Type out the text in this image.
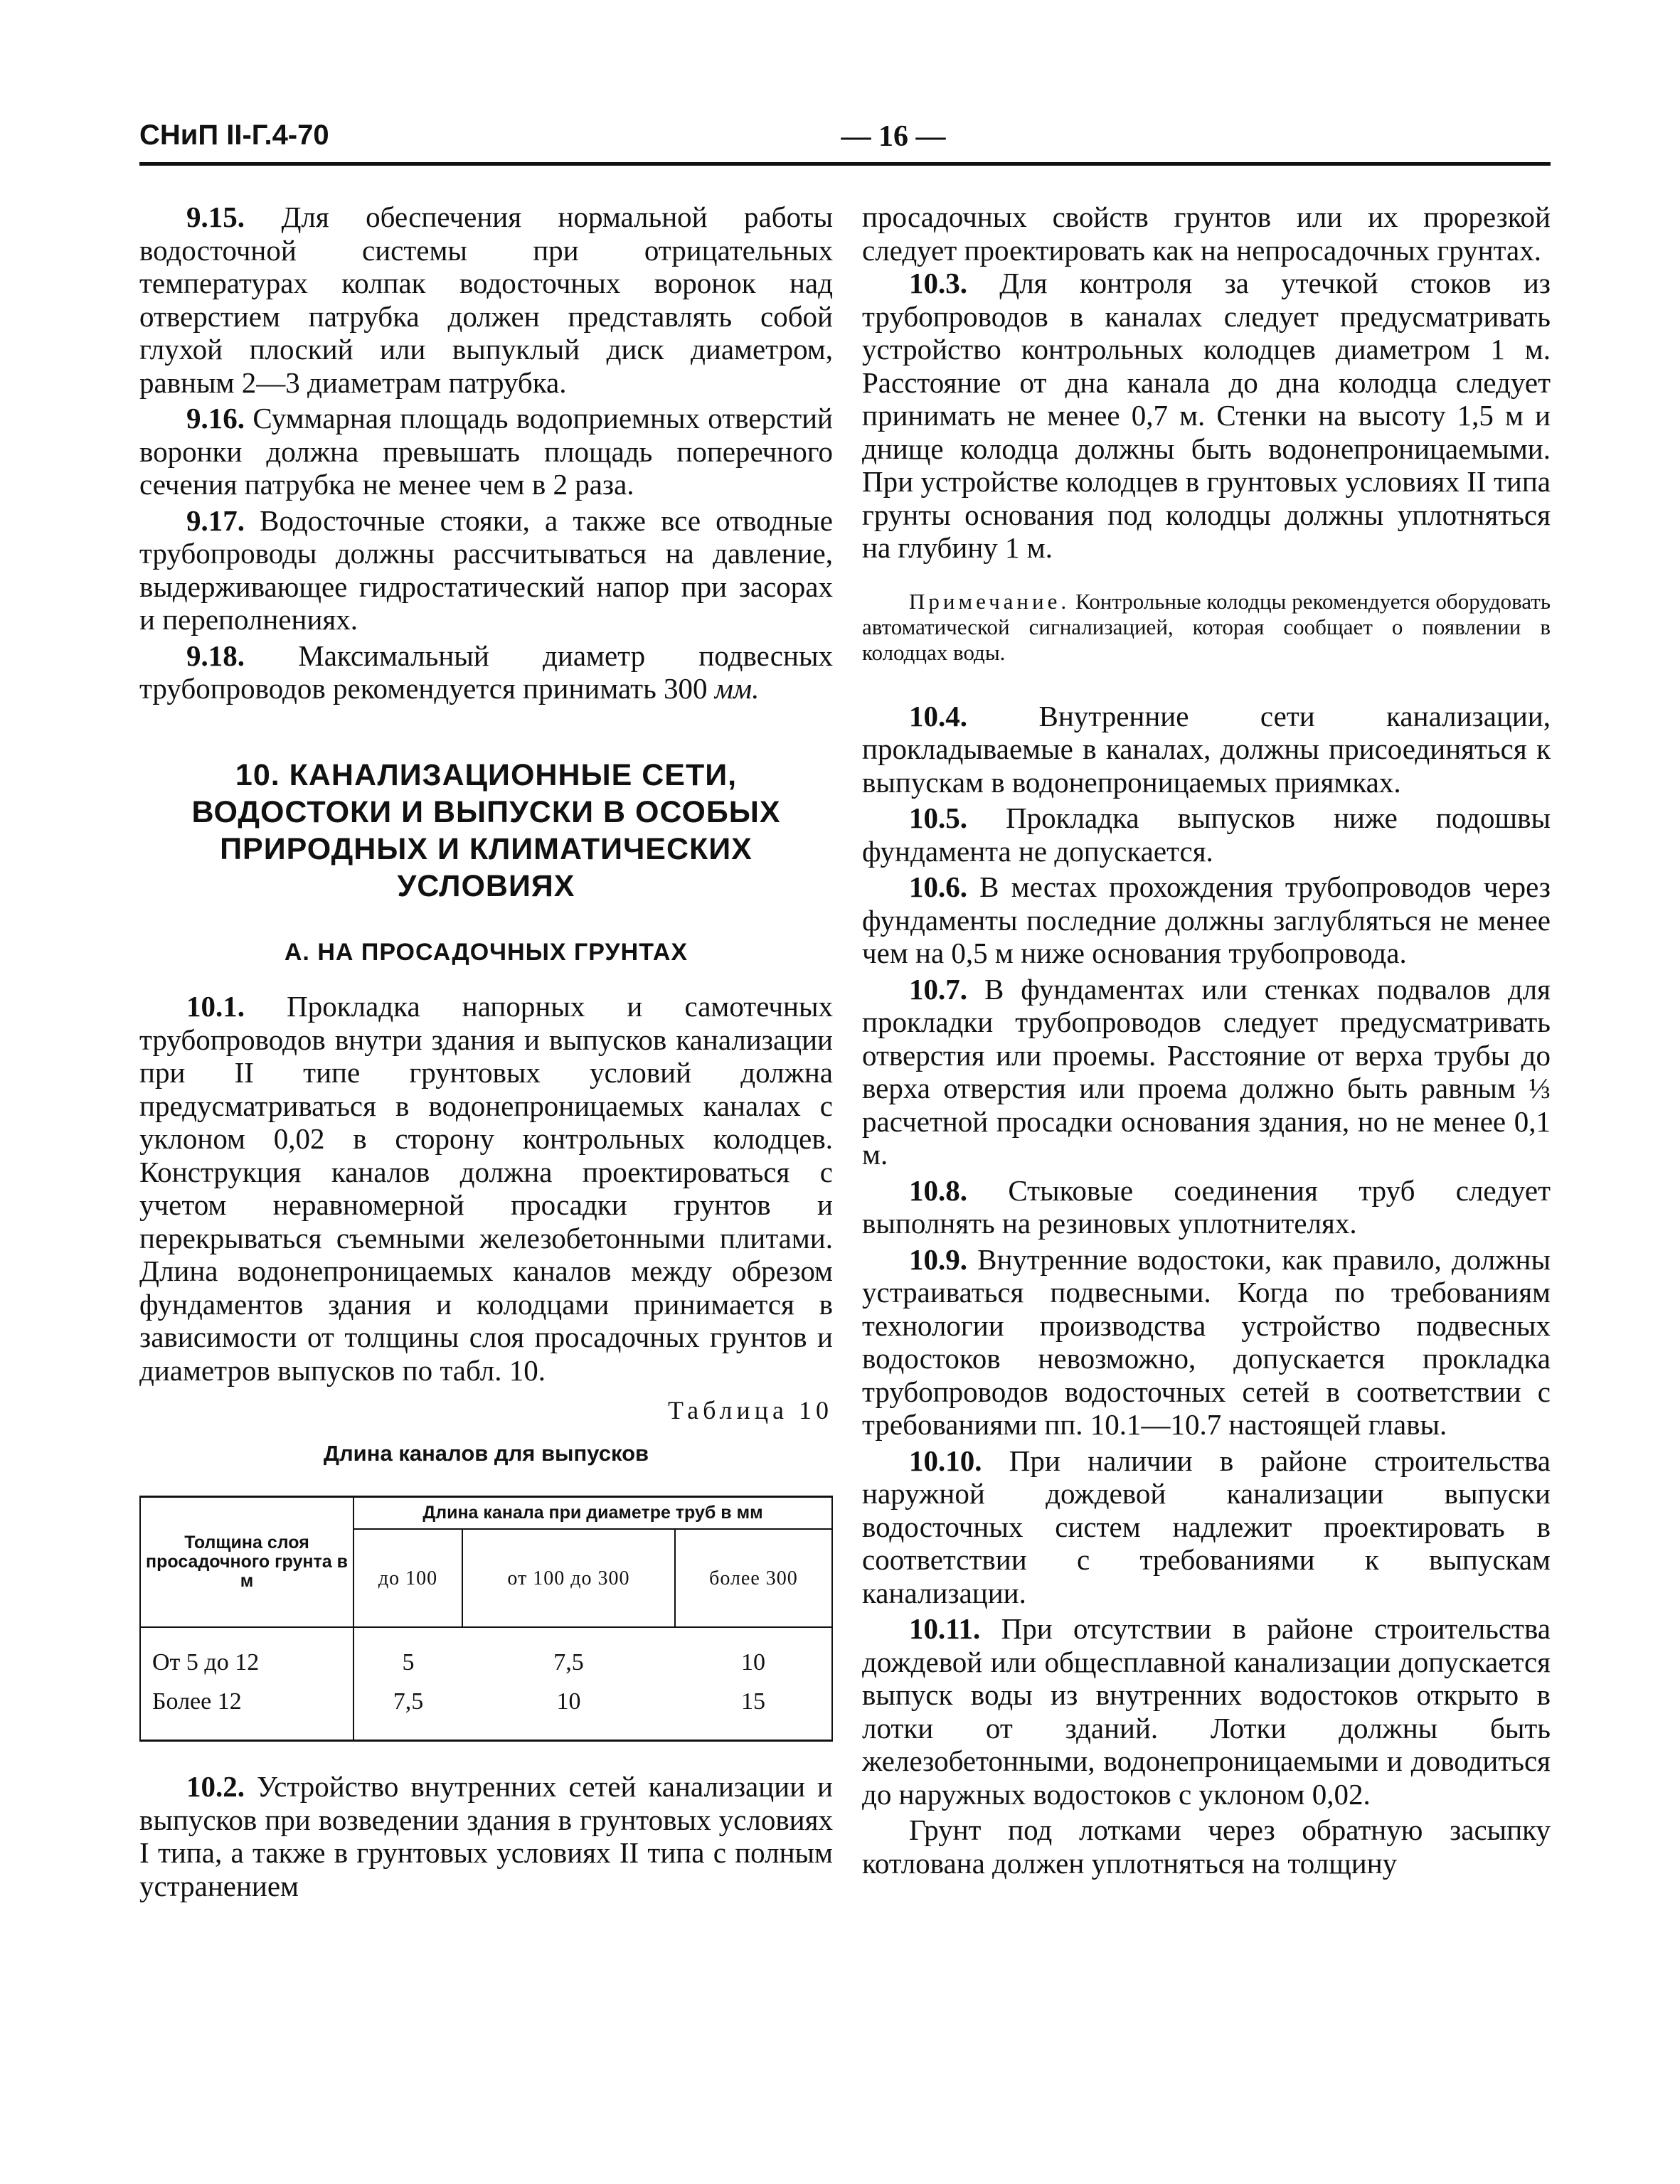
СНиП II-Г.4-70	— 16 —

9.15. Для обеспечения нормальной работы водосточной системы при отрицательных температурах колпак водосточных воронок над отверстием патрубка должен представлять собой глухой плоский или выпуклый диск диаметром, равным 2—3 диаметрам патрубка.

9.16. Суммарная площадь водоприемных отверстий воронки должна превышать площадь поперечного сечения патрубка не менее чем в 2 раза.

9.17. Водосточные стояки, а также все отводные трубопроводы должны рассчитываться на давление, выдерживающее гидростатический напор при засорах и переполнениях.

9.18. Максимальный диаметр подвесных трубопроводов рекомендуется принимать 300 мм.

10. КАНАЛИЗАЦИОННЫЕ СЕТИ, ВОДОСТОКИ И ВЫПУСКИ В ОСОБЫХ ПРИРОДНЫХ И КЛИМАТИЧЕСКИХ УСЛОВИЯХ
А. НА ПРОСАДОЧНЫХ ГРУНТАХ

10.1. Прокладка напорных и самотечных трубопроводов внутри здания и выпусков канализации при II типе грунтовых условий должна предусматриваться в водонепроницаемых каналах с уклоном 0,02 в сторону контрольных колодцев. Конструкция каналов должна проектироваться с учетом неравномерной просадки грунтов и перекрываться съемными железобетонными плитами. Длина водонепроницаемых каналов между обрезом фундаментов здания и колодцами принимается в зависимости от толщины слоя просадочных грунтов и диаметров выпусков по табл. 10.

Таблица 10
Длина каналов для выпусков
Толщина слоя просадочного грунта в м	Длина канала при диаметре труб в мм		
	до 100	от 100 до 300	более 300
От 5 до 12	5	7,5	10
Более 12	7,5	10	15

10.2. Устройство внутренних сетей канализации и выпусков при возведении здания в грунтовых условиях I типа, а также в грунтовых условиях II типа с полным устранением

просадочных свойств грунтов или их прорезкой следует проектировать как на непросадочных грунтах.

10.3. Для контроля за утечкой стоков из трубопроводов в каналах следует предусматривать устройство контрольных колодцев диаметром 1 м. Расстояние от дна канала до дна колодца следует принимать не менее 0,7 м. Стенки на высоту 1,5 м и днище колодца должны быть водонепроницаемыми. При устройстве колодцев в грунтовых условиях II типа грунты основания под колодцы должны уплотняться на глубину 1 м.

Примечание. Контрольные колодцы рекомендуется оборудовать автоматической сигнализацией, которая сообщает о появлении в колодцах воды.

10.4. Внутренние сети канализации, прокладываемые в каналах, должны присоединяться к выпускам в водонепроницаемых приямках.

10.5. Прокладка выпусков ниже подошвы фундамента не допускается.

10.6. В местах прохождения трубопроводов через фундаменты последние должны заглубляться не менее чем на 0,5 м ниже основания трубопровода.

10.7. В фундаментах или стенках подвалов для прокладки трубопроводов следует предусматривать отверстия или проемы. Расстояние от верха трубы до верха отверстия или проема должно быть равным ⅓ расчетной просадки основания здания, но не менее 0,1 м.

10.8. Стыковые соединения труб следует выполнять на резиновых уплотнителях.

10.9. Внутренние водостоки, как правило, должны устраиваться подвесными. Когда по требованиям технологии производства устройство подвесных водостоков невозможно, допускается прокладка трубопроводов водосточных сетей в соответствии с требованиями пп. 10.1—10.7 настоящей главы.

10.10. При наличии в районе строительства наружной дождевой канализации выпуски водосточных систем надлежит проектировать в соответствии с требованиями к выпускам канализации.

10.11. При отсутствии в районе строительства дождевой или общесплавной канализации допускается выпуск воды из внутренних водостоков открыто в лотки от зданий. Лотки должны быть железобетонными, водонепроницаемыми и доводиться до наружных водостоков с уклоном 0,02.

Грунт под лотками через обратную засыпку котлована должен уплотняться на толщину
